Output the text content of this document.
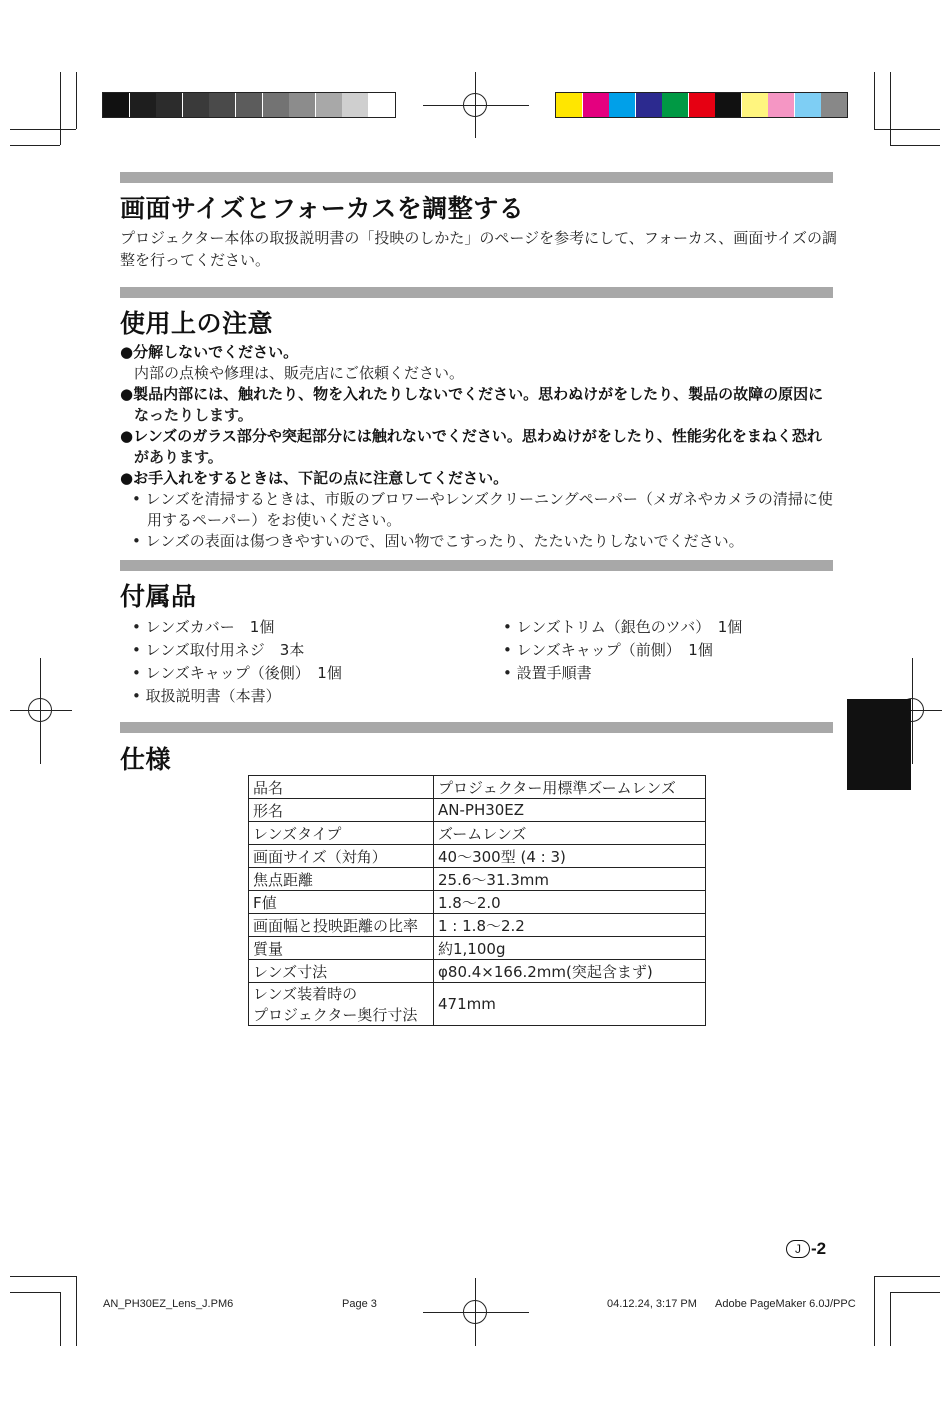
画面サイズとフォーカスを調整する
プロジェクター本体の取扱説明書の「投映のしかた」のページを参考にして、フォーカス、画面サイズの調
整を行ってください。
使用上の注意
●分解しないでください。
内部の点検や修理は、販売店にご依頼ください。
●製品内部には、触れたり、物を入れたりしないでください。思わぬけがをしたり、製品の故障の原因に
なったりします。
●レンズのガラス部分や突起部分には触れないでください。思わぬけがをしたり、性能劣化をまねく恐れ
があります。
●お手入れをするときは、下記の点に注意してください。
• レンズを清掃するときは、市販のブロワーやレンズクリーニングペーパー（メガネやカメラの清掃に使
用するペーパー）をお使いください。
• レンズの表面は傷つきやすいので、固い物でこすったり、たたいたりしないでください。
付属品
• レンズカバー　1個
• レンズ取付用ネジ　3本
• レンズキャップ（後側）　1個
• 取扱説明書（本書）
• レンズトリム（銀色のツバ）　1個
• レンズキャップ（前側）　1個
• 設置手順書
仕様
品名	プロジェクター用標準ズームレンズ
形名	AN-PH30EZ
レンズタイプ	ズームレンズ
画面サイズ（対角）	40〜300型 (4 : 3)
焦点距離	25.6〜31.3mm
F値	1.8〜2.0
画面幅と投映距離の比率	1 : 1.8〜2.2
質量	約1,100g
レンズ寸法	φ80.4×166.2mm(突起含まず)

レンズ装着時の
プロジェクター奥行寸法	471mm
J -2
AN_PH30EZ_Lens_J.PM6	Page 3	04.12.24, 3:17 PM Adobe PageMaker 6.0J/PPC
